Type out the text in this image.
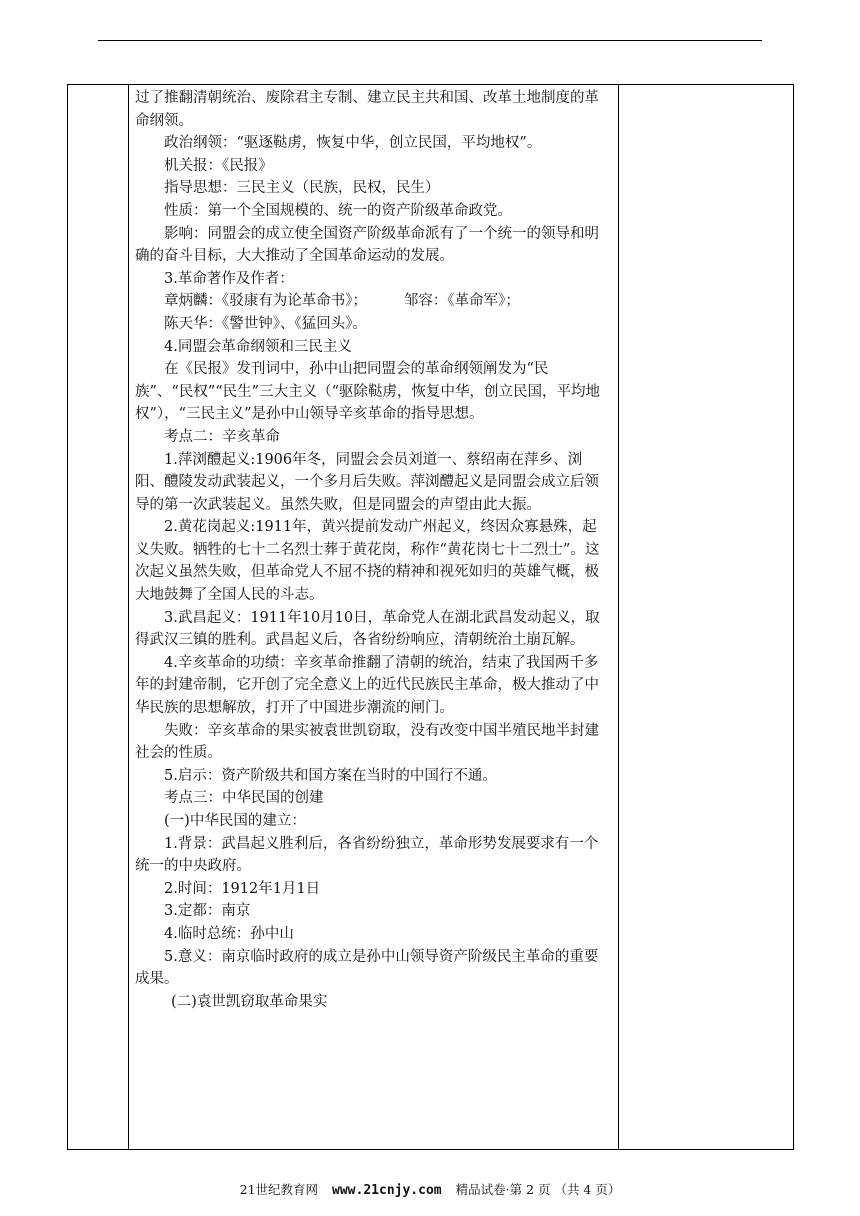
过了推翻清朝统治、废除君主专制、建立民主共和国、改革土地制度的革命纲领。

政治纲领：“驱逐鞑虏，恢复中华，创立民国，平均地权”。

机关报：《民报》

指导思想：三民主义（民族，民权，民生）

性质：第一个全国规模的、统一的资产阶级革命政党。

影响：同盟会的成立使全国资产阶级革命派有了一个统一的领导和明确的奋斗目标，大大推动了全国革命运动的发展。

3.革命著作及作者：

章炳麟：《驳康有为论革命书》；        邹容：《革命军》；

陈天华：《警世钟》、《猛回头》。

4.同盟会革命纲领和三民主义

在《民报》发刊词中，孙中山把同盟会的革命纲领阐发为“民族”、“民权”“民生”三大主义（“驱除鞑虏，恢复中华，创立民国，平均地权”），“三民主义”是孙中山领导辛亥革命的指导思想。

考点二：辛亥革命

1.萍浏醴起义:1906年冬，同盟会会员刘道一、蔡绍南在萍乡、浏阳、醴陵发动武装起义，一个多月后失败。萍浏醴起义是同盟会成立后领导的第一次武装起义。虽然失败，但是同盟会的声望由此大振。

2.黄花岗起义:1911年，黄兴提前发动广州起义，终因众寡悬殊，起义失败。牺牲的七十二名烈士葬于黄花岗，称作“黄花岗七十二烈士”。这次起义虽然失败，但革命党人不屈不挠的精神和视死如归的英雄气概，极大地鼓舞了全国人民的斗志。

3.武昌起义：1911年10月10日，革命党人在湖北武昌发动起义，取得武汉三镇的胜利。武昌起义后，各省纷纷响应，清朝统治土崩瓦解。

4.辛亥革命的功绩：辛亥革命推翻了清朝的统治，结束了我国两千多年的封建帝制，它开创了完全意义上的近代民族民主革命，极大推动了中华民族的思想解放，打开了中国进步潮流的闸门。

失败：辛亥革命的果实被袁世凯窃取，没有改变中国半殖民地半封建社会的性质。

5.启示：资产阶级共和国方案在当时的中国行不通。

考点三：中华民国的创建

(一)中华民国的建立：

1.背景：武昌起义胜利后，各省纷纷独立，革命形势发展要求有一个统一的中央政府。

2.时间：1912年1月1日

3.定都：南京

4.临时总统：孙中山

5.意义：南京临时政府的成立是孙中山领导资产阶级民主革命的重要成果。

(二)袁世凯窃取革命果实

21世纪教育网 www.21cnjy.com 精品试卷·第 2 页 （共 4 页）
